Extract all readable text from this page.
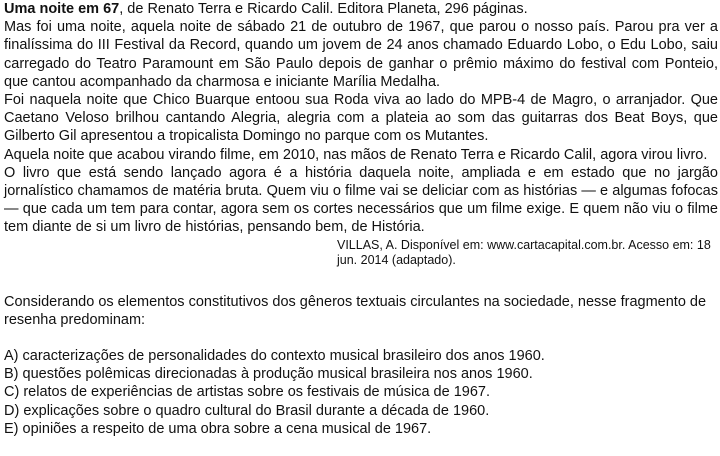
Uma noite em 67, de Renato Terra e Ricardo Calil. Editora Planeta, 296 páginas.

Mas foi uma noite, aquela noite de sábado 21 de outubro de 1967, que parou o nosso país. Parou pra ver a finalíssima do III Festival da Record, quando um jovem de 24 anos chamado Eduardo Lobo, o Edu Lobo, saiu carregado do Teatro Paramount em São Paulo depois de ganhar o prêmio máximo do festival com Ponteio, que cantou acompanhado da charmosa e iniciante Marília Medalha.

Foi naquela noite que Chico Buarque entoou sua Roda viva ao lado do MPB-4 de Magro, o arranjador. Que Caetano Veloso brilhou cantando Alegria, alegria com a plateia ao som das guitarras dos Beat Boys, que Gilberto Gil apresentou a tropicalista Domingo no parque com os Mutantes.

Aquela noite que acabou virando filme, em 2010, nas mãos de Renato Terra e Ricardo Calil, agora virou livro.

O livro que está sendo lançado agora é a história daquela noite, ampliada e em estado que no jargão jornalístico chamamos de matéria bruta. Quem viu o filme vai se deliciar com as histórias — e algumas fofocas — que cada um tem para contar, agora sem os cortes necessários que um filme exige. E quem não viu o filme tem diante de si um livro de histórias, pensando bem, de História.

VILLAS, A. Disponível em: www.cartacapital.com.br. Acesso em: 18 jun. 2014 (adaptado).

Considerando os elementos constitutivos dos gêneros textuais circulantes na sociedade, nesse fragmento de resenha predominam:

A) caracterizações de personalidades do contexto musical brasileiro dos anos 1960.
B) questões polêmicas direcionadas à produção musical brasileira nos anos 1960.
C) relatos de experiências de artistas sobre os festivais de música de 1967.
D) explicações sobre o quadro cultural do Brasil durante a década de 1960.
E) opiniões a respeito de uma obra sobre a cena musical de 1967.
